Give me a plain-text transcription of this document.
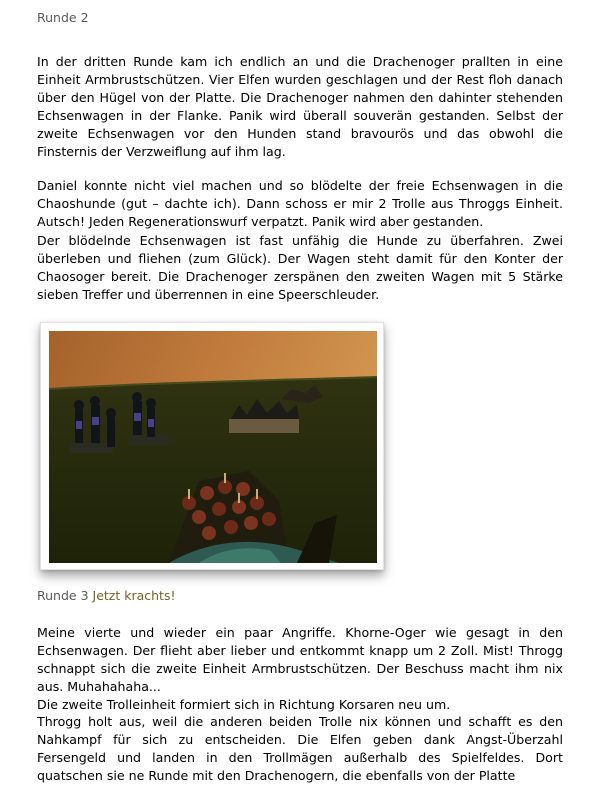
Runde 2
In der dritten Runde kam ich endlich an und die Drachenoger prallten in eine Einheit Armbrustschützen. Vier Elfen wurden geschlagen und der Rest floh danach über den Hügel von der Platte. Die Drachenoger nahmen den dahinter stehenden Echsenwagen in der Flanke. Panik wird überall souverän gestanden. Selbst der zweite Echsenwagen vor den Hunden stand bravourös und das obwohl die Finsternis der Verzweiflung auf ihm lag.
Daniel konnte nicht viel machen und so blödelte der freie Echsenwagen in die Chaoshunde (gut – dachte ich). Dann schoss er mir 2 Trolle aus Throggs Einheit. Autsch! Jeden Regenerationswurf verpatzt. Panik wird aber gestanden.
Der blödelnde Echsenwagen ist fast unfähig die Hunde zu überfahren. Zwei überleben und fliehen (zum Glück). Der Wagen steht damit für den Konter der Chaosoger bereit. Die Drachenoger zerspänen den zweiten Wagen mit 5 Stärke sieben Treffer und überrennen in eine Speerschleuder.
Runde 3 Jetzt krachts!
Meine vierte und wieder ein paar Angriffe. Khorne-Oger wie gesagt in den Echsenwagen. Der flieht aber lieber und entkommt knapp um 2 Zoll. Mist! Throgg schnappt sich die zweite Einheit Armbrustschützen. Der Beschuss macht ihm nix aus. Muhahahaha...
Die zweite Trolleinheit formiert sich in Richtung Korsaren neu um.
Throgg holt aus, weil die anderen beiden Trolle nix können und schafft es den Nahkampf für sich zu entscheiden. Die Elfen geben dank Angst-Überzahl Fersengeld und landen in den Trollmägen außerhalb des Spielfeldes. Dort quatschen sie ne Runde mit den Drachenogern, die ebenfalls von der Platte
